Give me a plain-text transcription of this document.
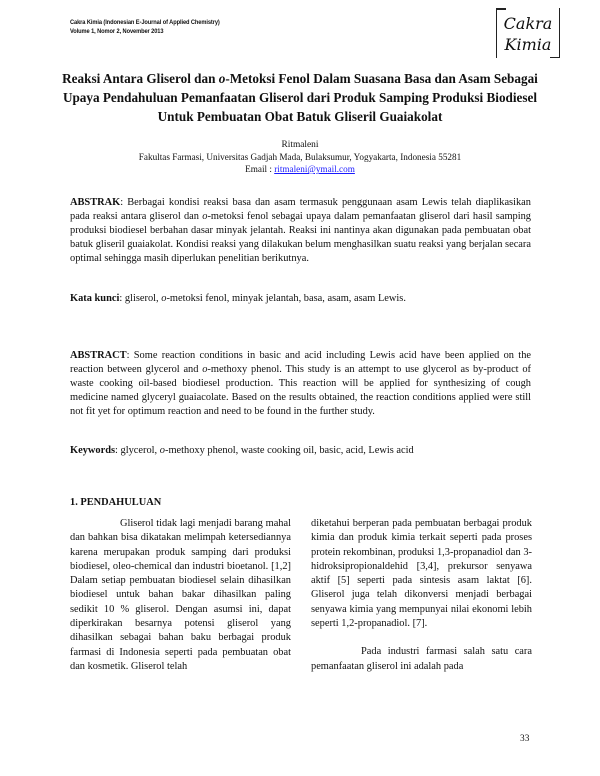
Cakra Kimia (Indonesian E-Journal of Applied Chemistry)
Volume 1, Nomor 2, November 2013	Cakra
Kimia
Reaksi Antara Gliserol dan o-Metoksi Fenol Dalam Suasana Basa dan Asam Sebagai Upaya Pendahuluan Pemanfaatan Gliserol dari Produk Samping Produksi Biodiesel Untuk Pembuatan Obat Batuk Gliseril Guaiakolat
Ritmaleni
Fakultas Farmasi, Universitas Gadjah Mada, Bulaksumur, Yogyakarta, Indonesia 55281
Email : ritmaleni@ymail.com
ABSTRAK: Berbagai kondisi reaksi basa dan asam termasuk penggunaan asam Lewis telah diaplikasikan pada reaksi antara gliserol dan o-metoksi fenol sebagai upaya dalam pemanfaatan gliserol dari hasil samping produksi biodiesel berbahan dasar minyak jelantah. Reaksi ini nantinya akan digunakan pada pembuatan obat batuk gliseril guaiakolat. Kondisi reaksi yang dilakukan belum menghasilkan suatu reaksi yang berjalan secara optimal sehingga masih diperlukan penelitian berikutnya.
Kata kunci: gliserol, o-metoksi fenol, minyak jelantah, basa, asam, asam Lewis.
ABSTRACT: Some reaction conditions in basic and acid including Lewis acid have been applied on the reaction between glycerol and o-methoxy phenol. This study is an attempt to use glycerol as by-product of waste cooking oil-based biodiesel production. This reaction will be applied for synthesizing of cough medicine named glyceryl guaiacolate. Based on the results obtained, the reaction conditions applied were still not fit yet for optimum reaction and need to be found in the further study.
Keywords: glycerol, o-methoxy phenol, waste cooking oil, basic, acid, Lewis acid
1. PENDAHULUAN

Gliserol tidak lagi menjadi barang mahal dan bahkan bisa dikatakan melimpah ketersediannya karena merupakan produk samping dari produksi biodiesel, oleo-chemical dan industri bioetanol. [1,2] Dalam setiap pembuatan biodiesel selain dihasilkan biodiesel untuk bahan bakar dihasilkan paling sedikit 10 % gliserol. Dengan asumsi ini, dapat diperkirakan besarnya potensi gliserol yang dihasilkan sebagai bahan baku berbagai produk farmasi di Indonesia seperti pada pembuatan obat dan kosmetik. Gliserol telah

diketahui berperan pada pembuatan berbagai produk kimia dan produk kimia terkait seperti pada proses protein rekombinan, produksi 1,3-propanadiol dan 3-hidroksipropionaldehid [3,4], prekursor senyawa aktif [5] seperti pada sintesis asam laktat [6]. Gliserol juga telah dikonversi menjadi berbagai senyawa kimia yang mempunyai nilai ekonomi lebih seperti 1,2-propanadiol. [7].

Pada industri farmasi salah satu cara pemanfaatan gliserol ini adalah pada

33
